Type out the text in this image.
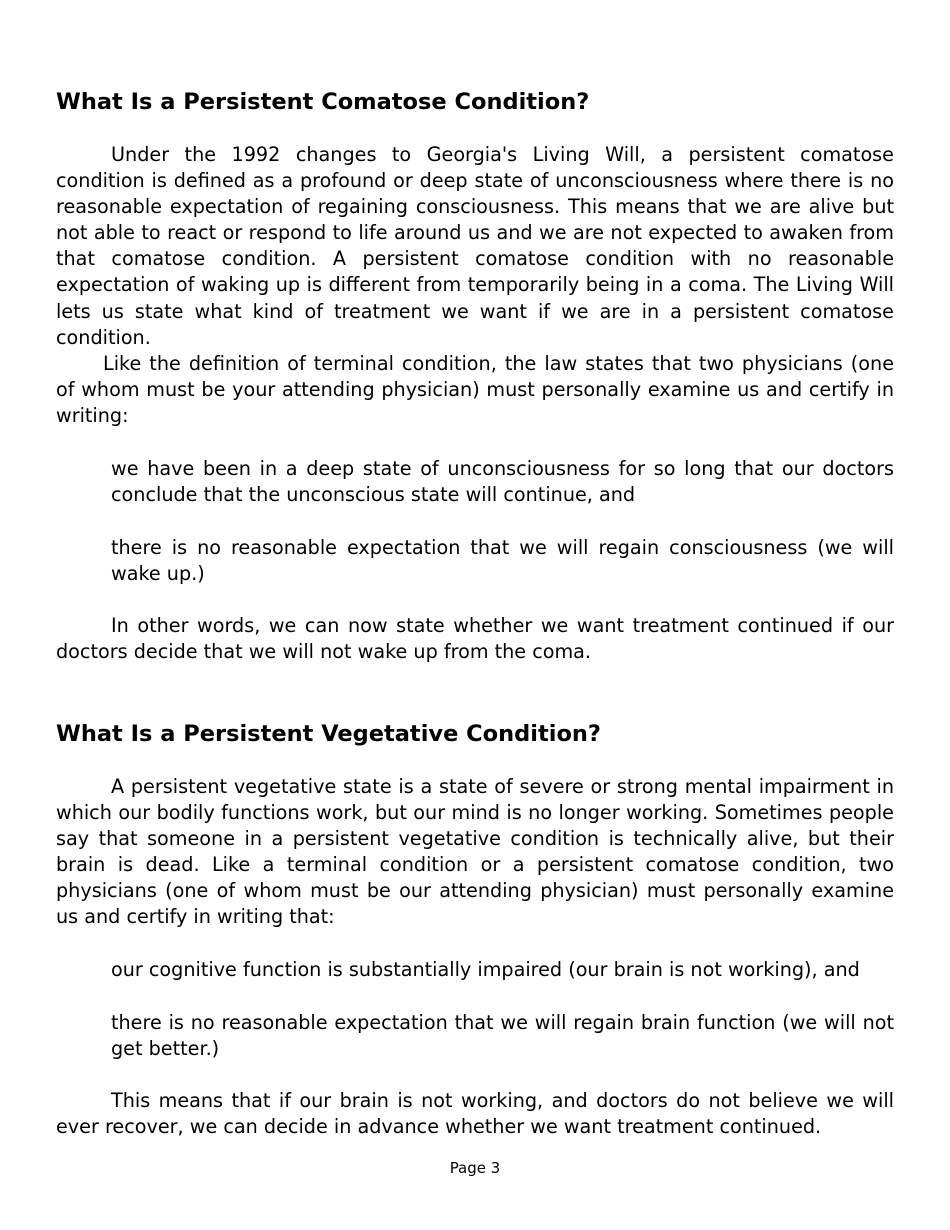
What Is a Persistent Comatose Condition?

Under the 1992 changes to Georgia's Living Will, a persistent comatose condition is defined as a profound or deep state of unconsciousness where there is no reasonable expectation of regaining consciousness. This means that we are alive but not able to react or respond to life around us and we are not expected to awaken from that comatose condition. A persistent comatose condition with no reasonable expectation of waking up is different from temporarily being in a coma. The Living Will lets us state what kind of treatment we want if we are in a persistent comatose condition.

Like the definition of terminal condition, the law states that two physicians (one of whom must be your attending physician) must personally examine us and certify in writing:

we have been in a deep state of unconsciousness for so long that our doctors conclude that the unconscious state will continue, and

there is no reasonable expectation that we will regain consciousness (we will wake up.)

In other words, we can now state whether we want treatment continued if our doctors decide that we will not wake up from the coma.

What Is a Persistent Vegetative Condition?

A persistent vegetative state is a state of severe or strong mental impairment in which our bodily functions work, but our mind is no longer working. Sometimes people say that someone in a persistent vegetative condition is technically alive, but their brain is dead. Like a terminal condition or a persistent comatose condition, two physicians (one of whom must be our attending physician) must personally examine us and certify in writing that:

our cognitive function is substantially impaired (our brain is not working), and

there is no reasonable expectation that we will regain brain function (we will not get better.)

This means that if our brain is not working, and doctors do not believe we will ever recover, we can decide in advance whether we want treatment continued.

Page 3
